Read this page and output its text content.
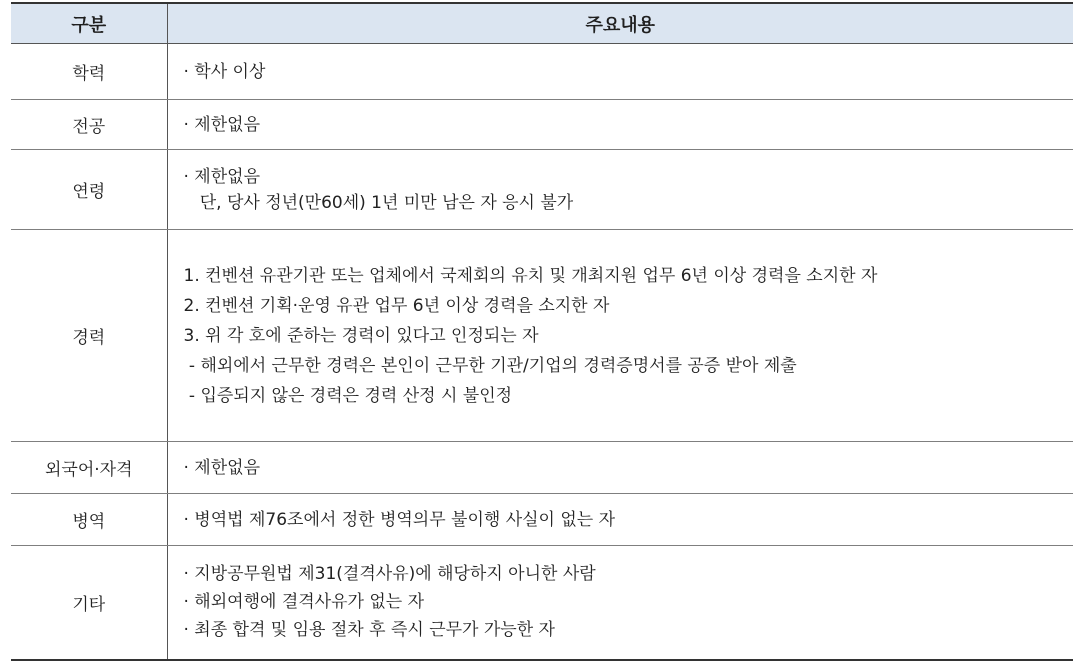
구분	주요내용
학력	· 학사 이상

전공	· 제한없음

연령	· 제한없음
단, 당사 정년(만60세) 1년 미만 남은 자 응시 불가

경력	1. 컨벤션 유관기관 또는 업체에서 국제회의 유치 및 개최지원 업무 6년 이상 경력을 소지한 자
2. 컨벤션 기획·운영 유관 업무 6년 이상 경력을 소지한 자
3. 위 각 호에 준하는 경력이 있다고 인정되는 자
- 해외에서 근무한 경력은 본인이 근무한 기관/기업의 경력증명서를 공증 받아 제출
- 입증되지 않은 경력은 경력 산정 시 불인정

외국어·자격	· 제한없음

병역	· 병역법 제76조에서 정한 병역의무 불이행 사실이 없는 자

기타	· 지방공무원법 제31(결격사유)에 해당하지 아니한 사람
· 해외여행에 결격사유가 없는 자
· 최종 합격 및 임용 절차 후 즉시 근무가 가능한 자
